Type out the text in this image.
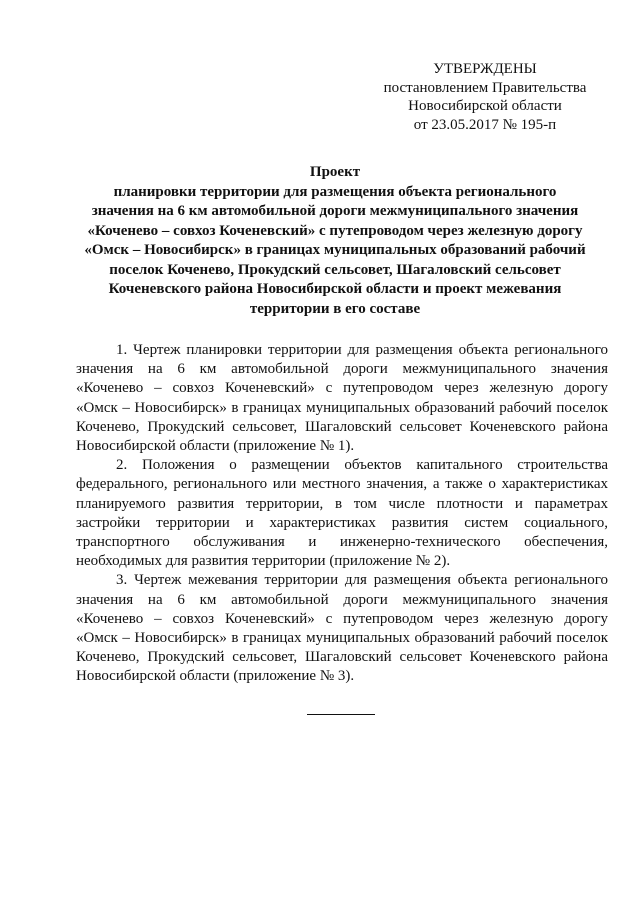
УТВЕРЖДЕНЫ
постановлением Правительства
Новосибирской области
от 23.05.2017 № 195-п
Проект
планировки территории для размещения объекта регионального
значения на 6 км автомобильной дороги межмуниципального значения
«Коченево – совхоз Коченевский» с путепроводом через железную дорогу
«Омск – Новосибирск» в границах муниципальных образований рабочий
поселок Коченево, Прокудский сельсовет, Шагаловский сельсовет
Коченевского района Новосибирской области и проект межевания
территории в его составе

1. Чертеж планировки территории для размещения объекта регионального
значения на 6 км автомобильной дороги межмуниципального значения
«Коченево – совхоз Коченевский» с путепроводом через железную дорогу
«Омск – Новосибирск» в границах муниципальных образований рабочий поселок
Коченево, Прокудский сельсовет, Шагаловский сельсовет Коченевского района
Новосибирской области (приложение № 1).

2. Положения о размещении объектов капитального строительства
федерального, регионального или местного значения, а также о характеристиках
планируемого развития территории, в том числе плотности и параметрах
застройки территории и характеристиках развития систем социального,
транспортного обслуживания и инженерно-технического обеспечения,
необходимых для развития территории (приложение № 2).

3. Чертеж межевания территории для размещения объекта регионального
значения на 6 км автомобильной дороги межмуниципального значения
«Коченево – совхоз Коченевский» с путепроводом через железную дорогу
«Омск – Новосибирск» в границах муниципальных образований рабочий поселок
Коченево, Прокудский сельсовет, Шагаловский сельсовет Коченевского района
Новосибирской области (приложение № 3).
